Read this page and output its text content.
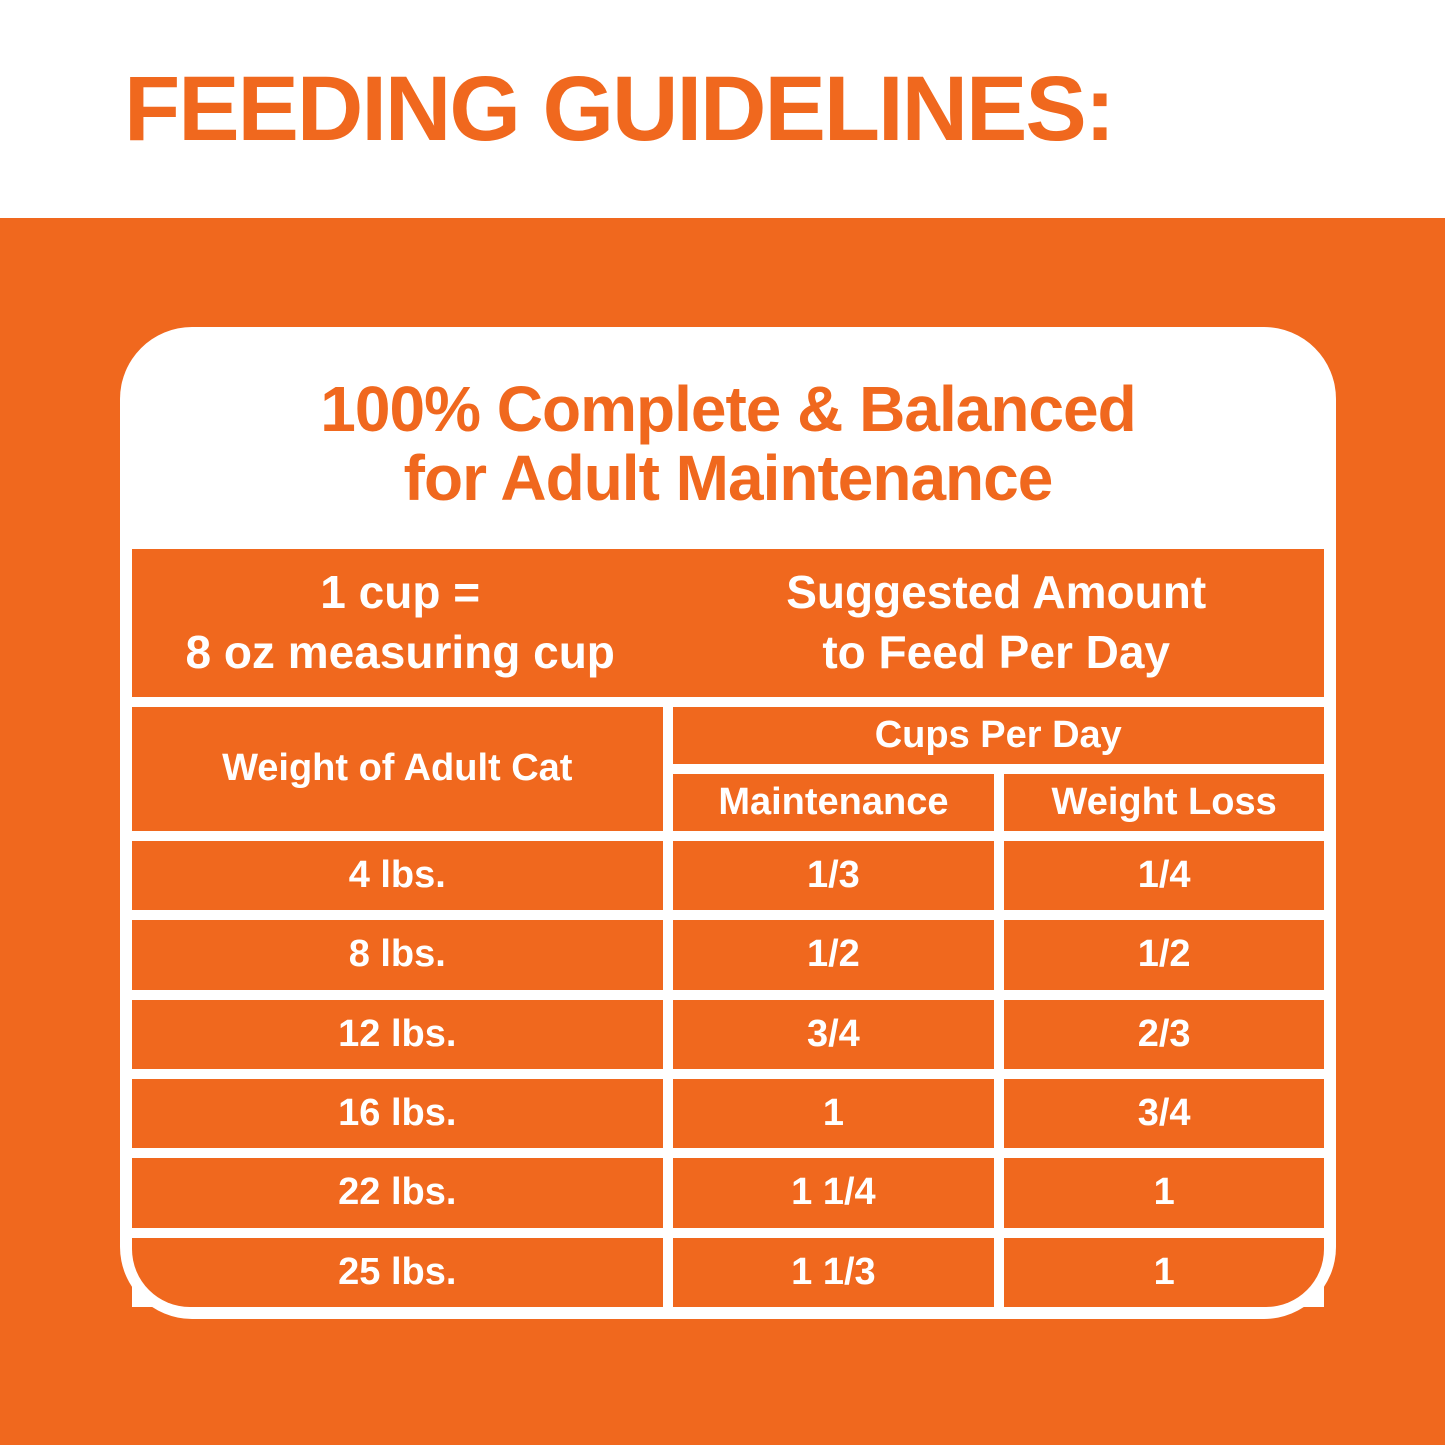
FEEDING GUIDELINES:
100% Complete & Balanced
for Adult Maintenance
1 cup =
8 oz measuring cup
Suggested Amount
to Feed Per Day
Weight of Adult Cat
Cups Per Day
Maintenance	Weight Loss
4 lbs.	1/3	1/4
8 lbs.	1/2	1/2
12 lbs.	3/4	2/3
16 lbs.	1	3/4
22 lbs.	1 1/4	1
25 lbs.	1 1/3	1
